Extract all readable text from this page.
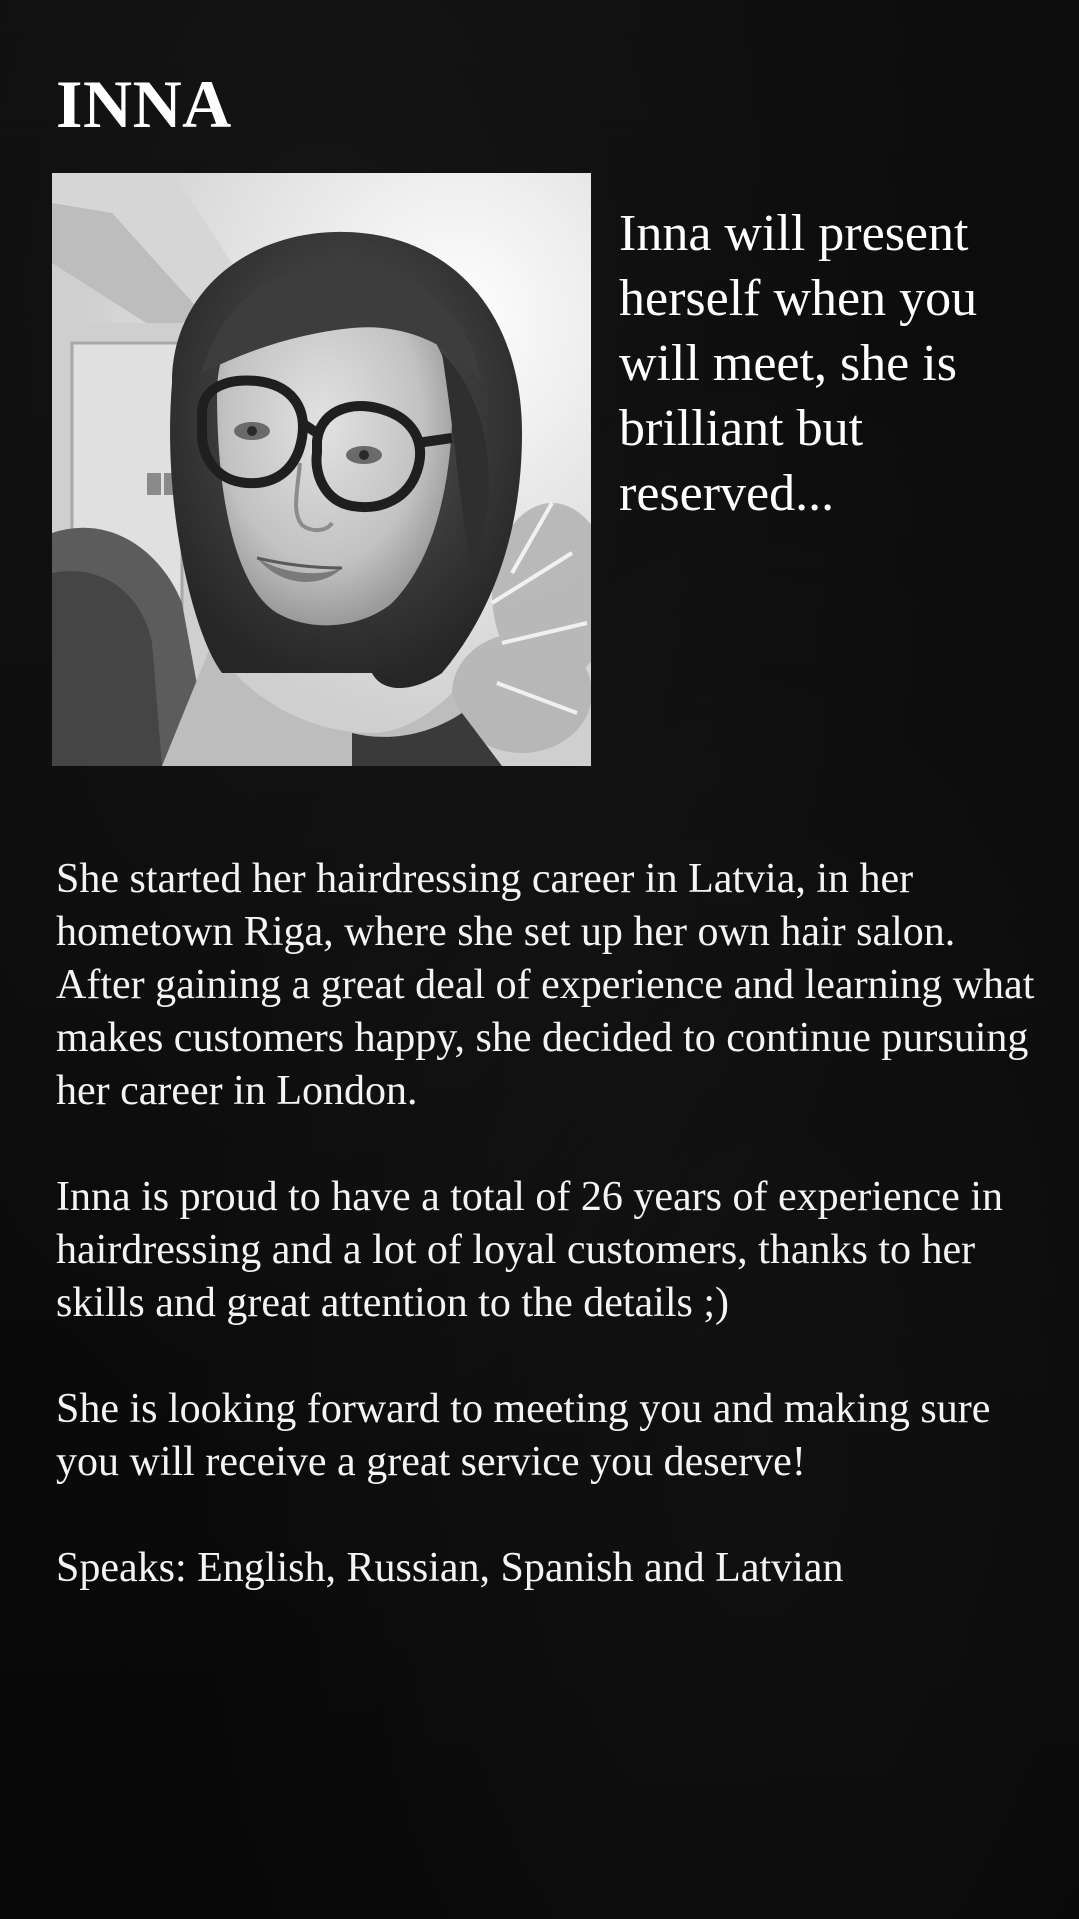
INNA

Inna will present herself when you will meet, she is brilliant but reserved...

She started her hairdressing career in Latvia, in her hometown Riga, where she set up her own hair salon. After gaining a great deal of experience and learning what makes customers happy, she decided to continue pursuing her career in London.

Inna is proud to have a total of 26 years of experience in hairdressing and a lot of loyal customers, thanks to her skills and great attention to the details ;)

She is looking forward to meeting you and making sure you will receive a great service you deserve!

Speaks: English, Russian, Spanish and Latvian
